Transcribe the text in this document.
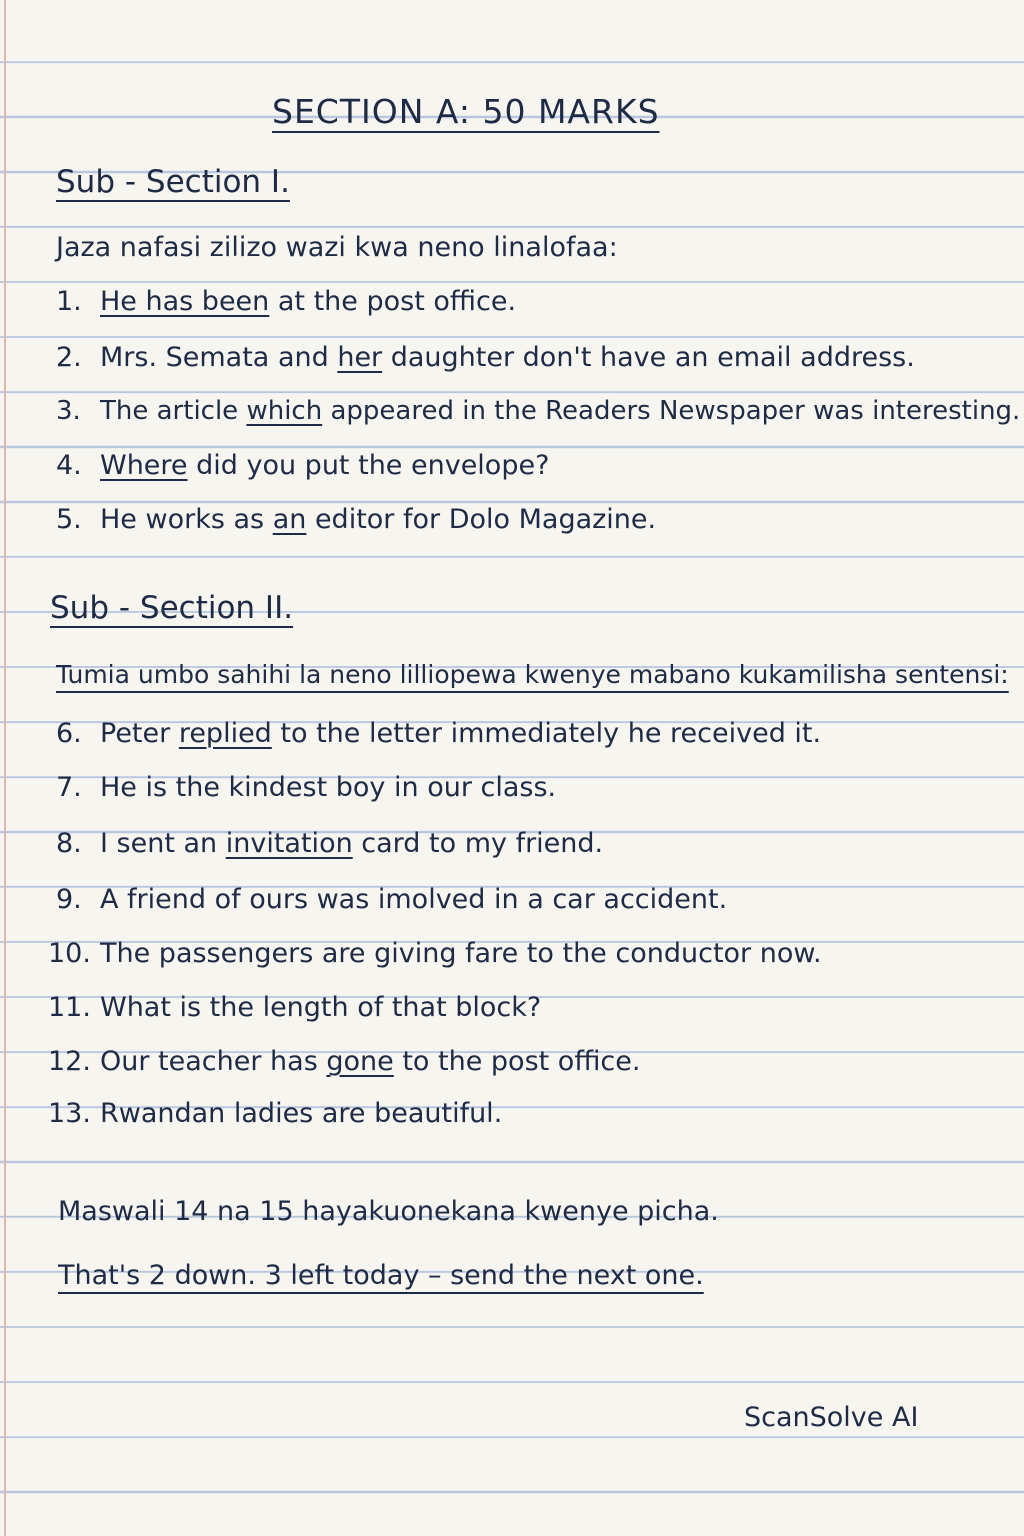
SECTION A: 50 MARKS
Sub - Section I.
Jaza nafasi zilizo wazi kwa neno linalofaa:
1. He has been at the post office.
2. Mrs. Semata and her daughter don't have an email address.
3. The article which appeared in the Readers Newspaper was interesting.
4. Where did you put the envelope?
5. He works as an editor for Dolo Magazine.
Sub - Section II.
Tumia umbo sahihi la neno lilliopewa kwenye mabano kukamilisha sentensi:
6. Peter replied to the letter immediately he received it.
7. He is the kindest boy in our class.
8. I sent an invitation card to my friend.
9. A friend of ours was imolved in a car accident.
10. The passengers are giving fare to the conductor now.
11. What is the length of that block?
12. Our teacher has gone to the post office.
13. Rwandan ladies are beautiful.
Maswali 14 na 15 hayakuonekana kwenye picha.
That's 2 down. 3 left today – send the next one.
ScanSolve AI
